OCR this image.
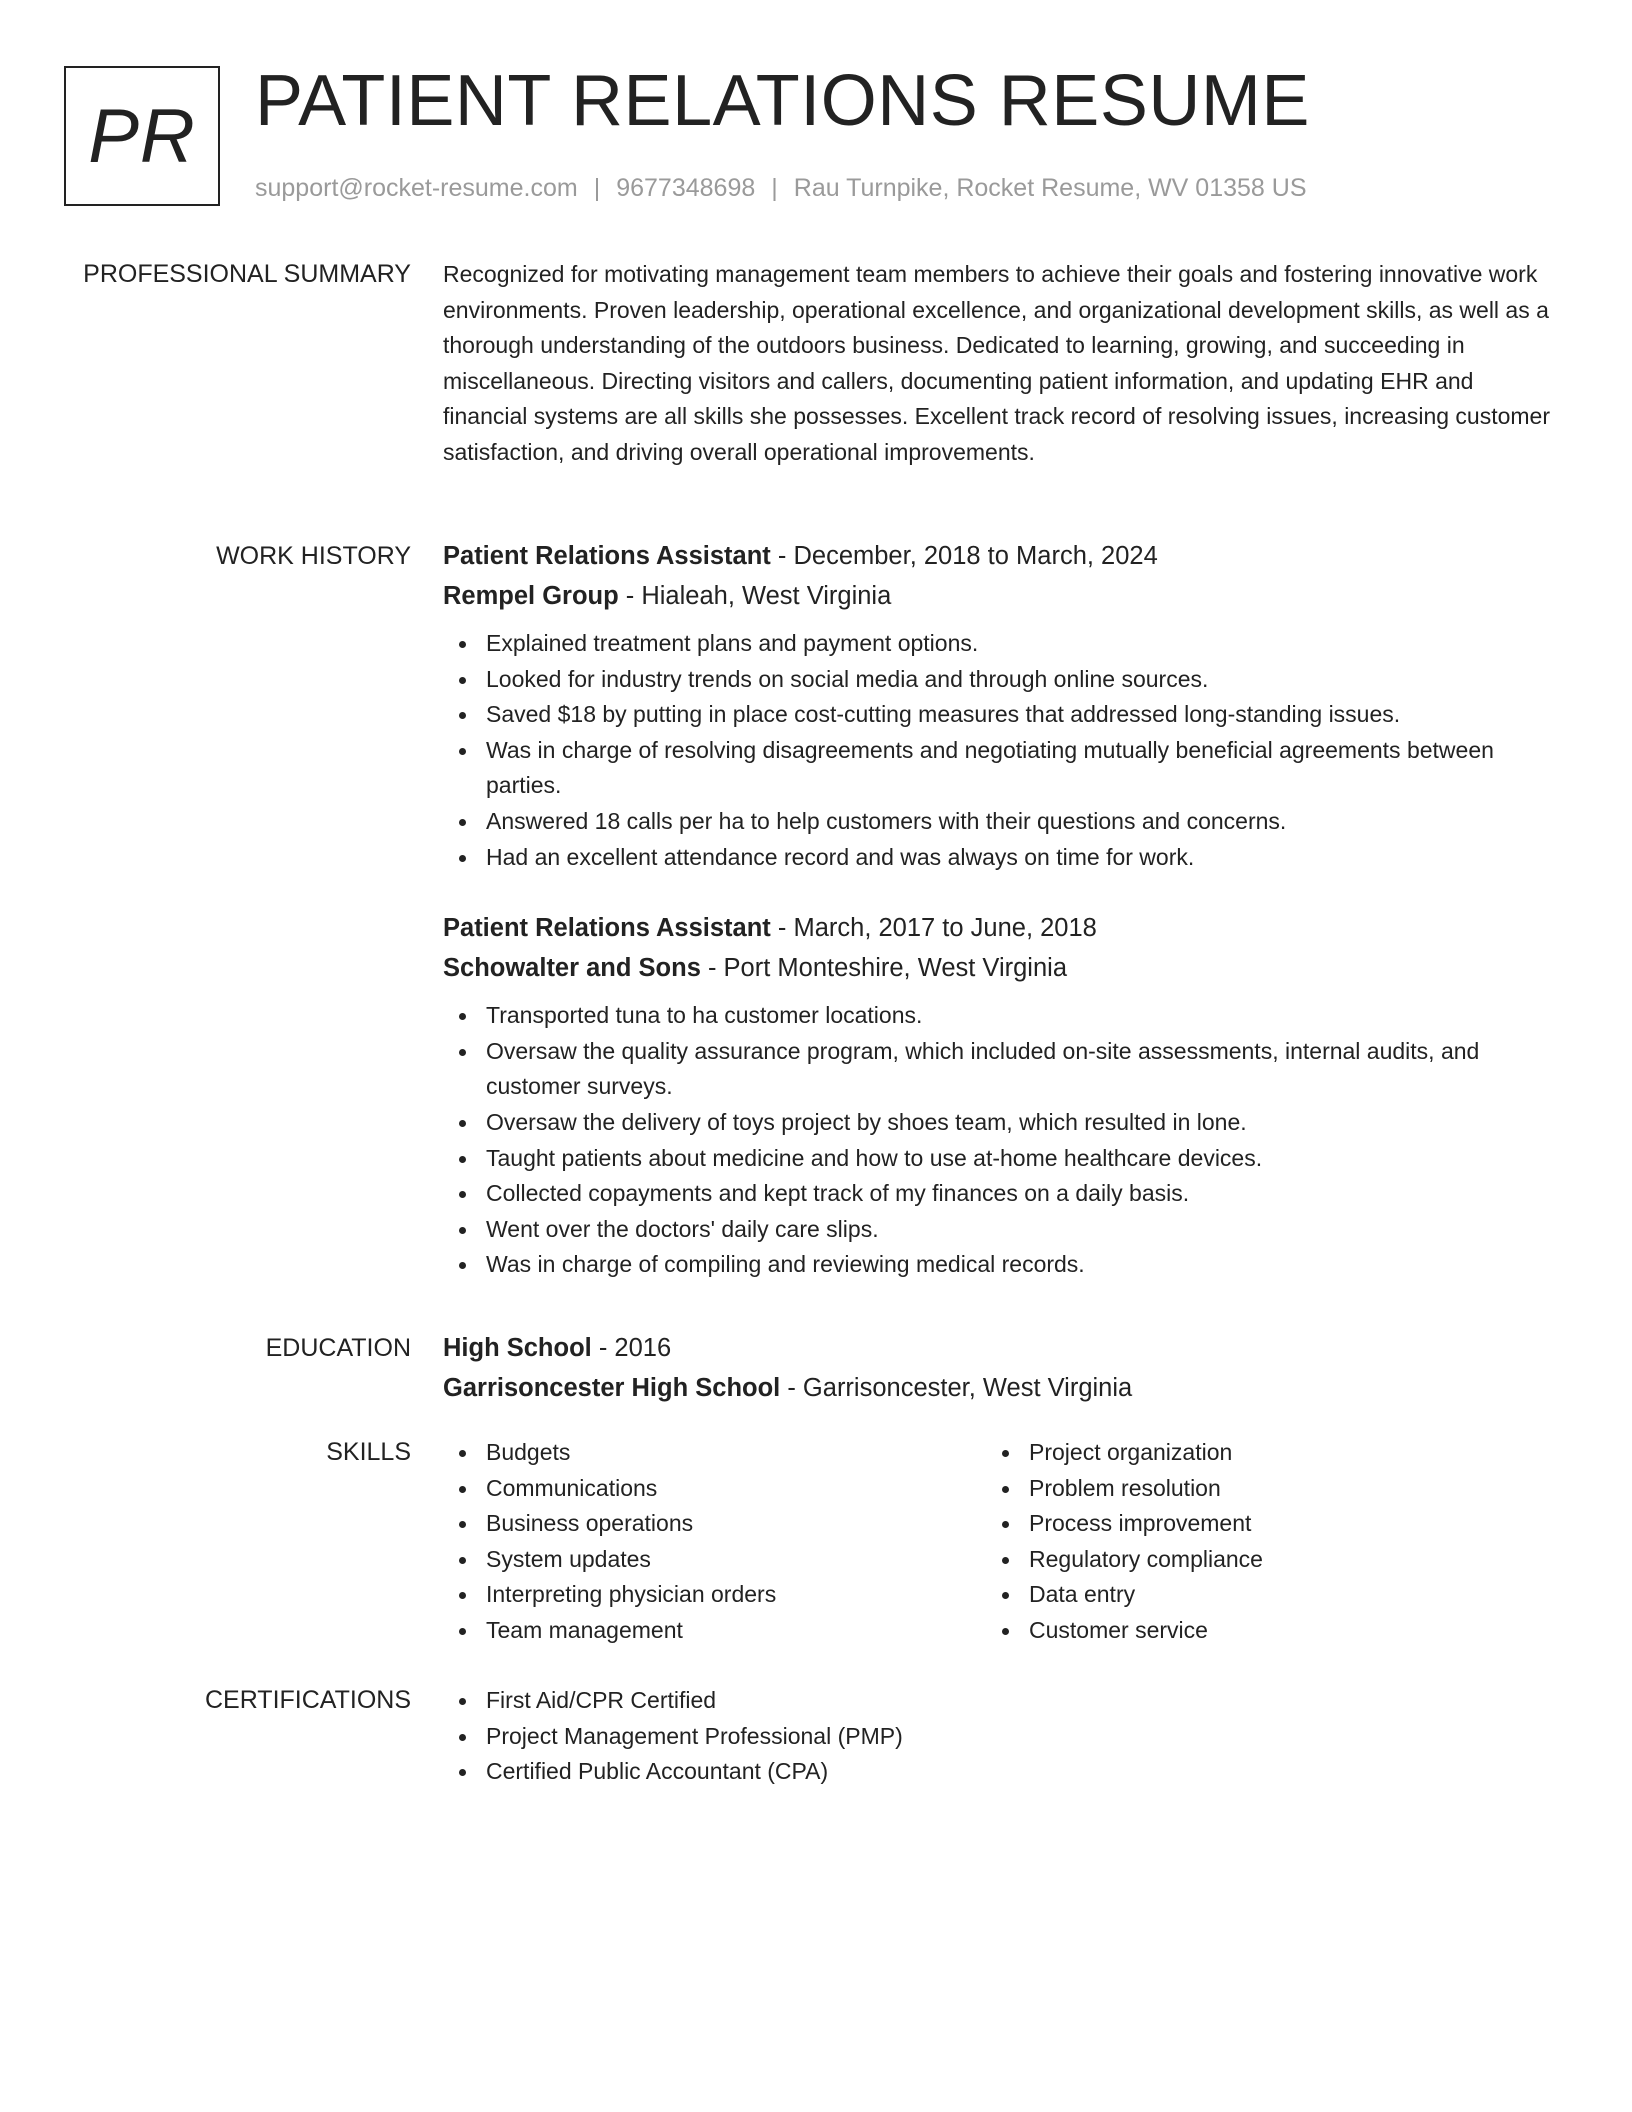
PR PATIENT RELATIONS RESUME
support@rocket-resume.com | 9677348698 | Rau Turnpike, Rocket Resume, WV 01358 US
PROFESSIONAL SUMMARY Recognized for motivating management team members to achieve their goals and fostering innovative work environments. Proven leadership, operational excellence, and organizational development skills, as well as a thorough understanding of the outdoors business. Dedicated to learning, growing, and succeeding in miscellaneous. Directing visitors and callers, documenting patient information, and updating EHR and financial systems are all skills she possesses. Excellent track record of resolving issues, increasing customer satisfaction, and driving overall operational improvements.

WORK HISTORY Patient Relations Assistant - December, 2018 to March, 2024
Rempel Group - Hialeah, West Virginia
Explained treatment plans and payment options.
Looked for industry trends on social media and through online sources.
Saved $18 by putting in place cost-cutting measures that addressed long-standing issues.
Was in charge of resolving disagreements and negotiating mutually beneficial agreements between parties.
Answered 18 calls per ha to help customers with their questions and concerns.
Had an excellent attendance record and was always on time for work.
Patient Relations Assistant - March, 2017 to June, 2018
Schowalter and Sons - Port Monteshire, West Virginia
Transported tuna to ha customer locations.
Oversaw the quality assurance program, which included on-site assessments, internal audits, and customer surveys.
Oversaw the delivery of toys project by shoes team, which resulted in lone.
Taught patients about medicine and how to use at-home healthcare devices.
Collected copayments and kept track of my finances on a daily basis.
Went over the doctors' daily care slips.
Was in charge of compiling and reviewing medical records.
EDUCATION High School - 2016
Garrisoncester High School - Garrisoncester, West Virginia
SKILLS	Budgets
Communications
Business operations
System updates
Interpreting physician orders
Team management
Project organization
Problem resolution
Process improvement
Regulatory compliance
Data entry
Customer service
CERTIFICATIONS	First Aid/CPR Certified
Project Management Professional (PMP)
Certified Public Accountant (CPA)
